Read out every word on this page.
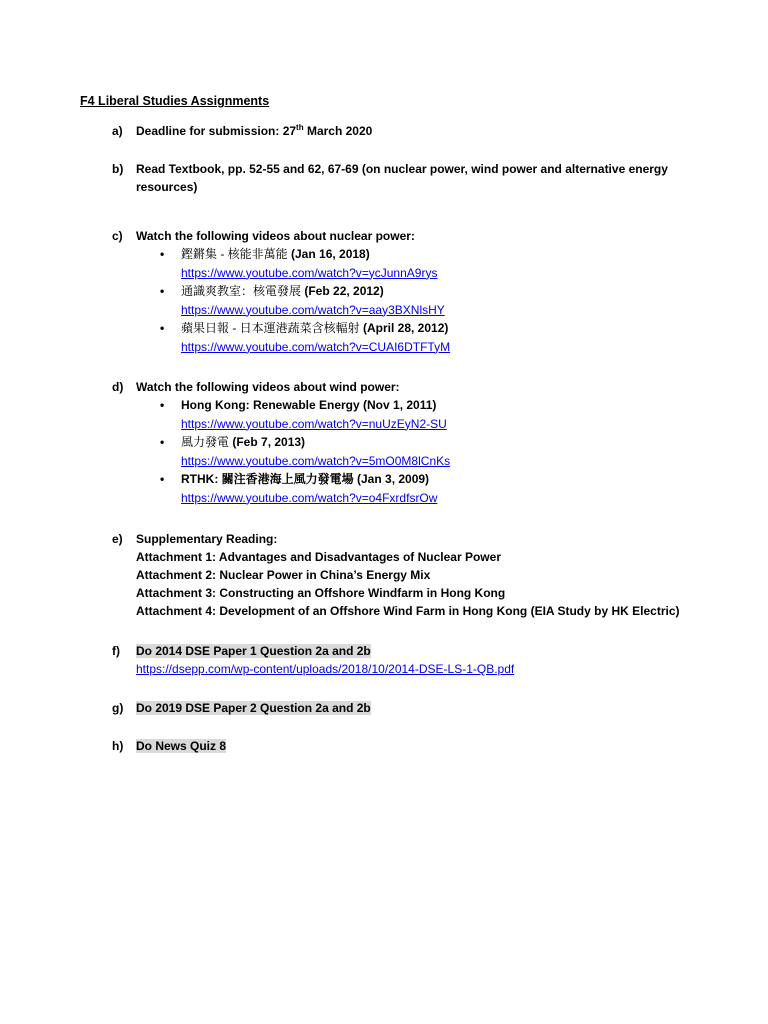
F4 Liberal Studies Assignments
a)	Deadline for submission: 27th March 2020
b)	Read Textbook, pp. 52-55 and 62, 67-69 (on nuclear power, wind power and alternative energy resources)
c)	Watch the following videos about nuclear power:
• 鏗鏘集 - 核能非萬能 (Jan 16, 2018)
https://www.youtube.com/watch?v=ycJunnA9rys
• 通識爽教室：核電發展 (Feb 22, 2012)
https://www.youtube.com/watch?v=aay3BXNlsHY
• 蘋果日報 - 日本運港蔬菜含核輻射 (April 28, 2012)
https://www.youtube.com/watch?v=CUAI6DTFTyM
d)	Watch the following videos about wind power:
• Hong Kong: Renewable Energy (Nov 1, 2011)
https://www.youtube.com/watch?v=nuUzEyN2-SU
• 風力發電 (Feb 7, 2013)
https://www.youtube.com/watch?v=5mO0M8lCnKs
• RTHK: 關注香港海上風力發電場 (Jan 3, 2009)
https://www.youtube.com/watch?v=o4FxrdfsrOw
e)	Supplementary Reading:
Attachment 1: Advantages and Disadvantages of Nuclear Power
Attachment 2: Nuclear Power in China’s Energy Mix
Attachment 3: Constructing an Offshore Windfarm in Hong Kong
Attachment 4: Development of an Offshore Wind Farm in Hong Kong (EIA Study by HK Electric)
f)	Do 2014 DSE Paper 1 Question 2a and 2b
https://dsepp.com/wp-content/uploads/2018/10/2014-DSE-LS-1-QB.pdf
g)	Do 2019 DSE Paper 2 Question 2a and 2b
h)	Do News Quiz 8
